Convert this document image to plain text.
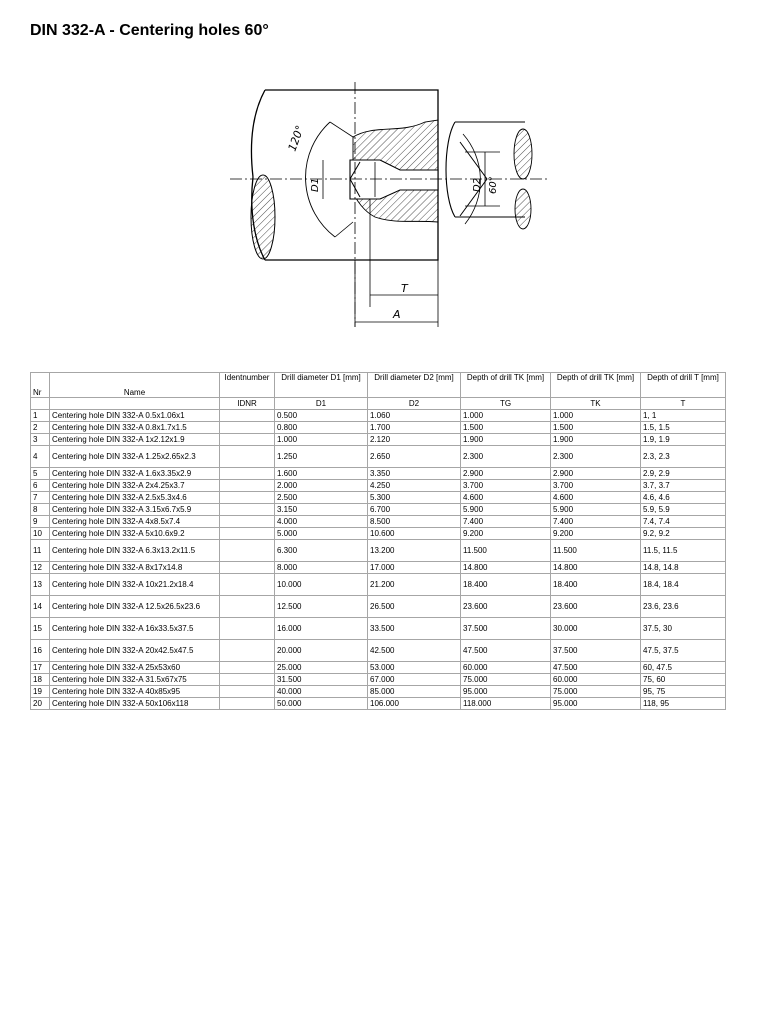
DIN 332-A - Centering holes 60°
120°
D1	D2 60°
T
A
Nr	Name	Identnumber	Drill diameter D1 [mm]	Drill diameter D2 [mm]	Depth of drill TK [mm]	Depth of drill TK [mm]	Depth of drill T [mm]
		IDNR	D1	D2	TG	TK	T
1	Centering hole DIN 332-A 0.5x1.06x1		0.500	1.060	1.000	1.000	1, 1
2	Centering hole DIN 332-A 0.8x1.7x1.5		0.800	1.700	1.500	1.500	1.5, 1.5
3	Centering hole DIN 332-A 1x2.12x1.9		1.000	2.120	1.900	1.900	1.9, 1.9
4	Centering hole DIN 332-A 1.25x2.65x2.3		1.250	2.650	2.300	2.300	2.3, 2.3
5	Centering hole DIN 332-A 1.6x3.35x2.9		1.600	3.350	2.900	2.900	2.9, 2.9
6	Centering hole DIN 332-A 2x4.25x3.7		2.000	4.250	3.700	3.700	3.7, 3.7
7	Centering hole DIN 332-A 2.5x5.3x4.6		2.500	5.300	4.600	4.600	4.6, 4.6
8	Centering hole DIN 332-A 3.15x6.7x5.9		3.150	6.700	5.900	5.900	5.9, 5.9
9	Centering hole DIN 332-A 4x8.5x7.4		4.000	8.500	7.400	7.400	7.4, 7.4
10	Centering hole DIN 332-A 5x10.6x9.2		5.000	10.600	9.200	9.200	9.2, 9.2
11	Centering hole DIN 332-A 6.3x13.2x11.5		6.300	13.200	11.500	11.500	11.5, 11.5
12	Centering hole DIN 332-A 8x17x14.8		8.000	17.000	14.800	14.800	14.8, 14.8
13	Centering hole DIN 332-A 10x21.2x18.4		10.000	21.200	18.400	18.400	18.4, 18.4
14	Centering hole DIN 332-A 12.5x26.5x23.6		12.500	26.500	23.600	23.600	23.6, 23.6
15	Centering hole DIN 332-A 16x33.5x37.5		16.000	33.500	37.500	30.000	37.5, 30
16	Centering hole DIN 332-A 20x42.5x47.5		20.000	42.500	47.500	37.500	47.5, 37.5
17	Centering hole DIN 332-A 25x53x60		25.000	53.000	60.000	47.500	60, 47.5
18	Centering hole DIN 332-A 31.5x67x75		31.500	67.000	75.000	60.000	75, 60
19	Centering hole DIN 332-A 40x85x95		40.000	85.000	95.000	75.000	95, 75
20	Centering hole DIN 332-A 50x106x118		50.000	106.000	118.000	95.000	118, 95
